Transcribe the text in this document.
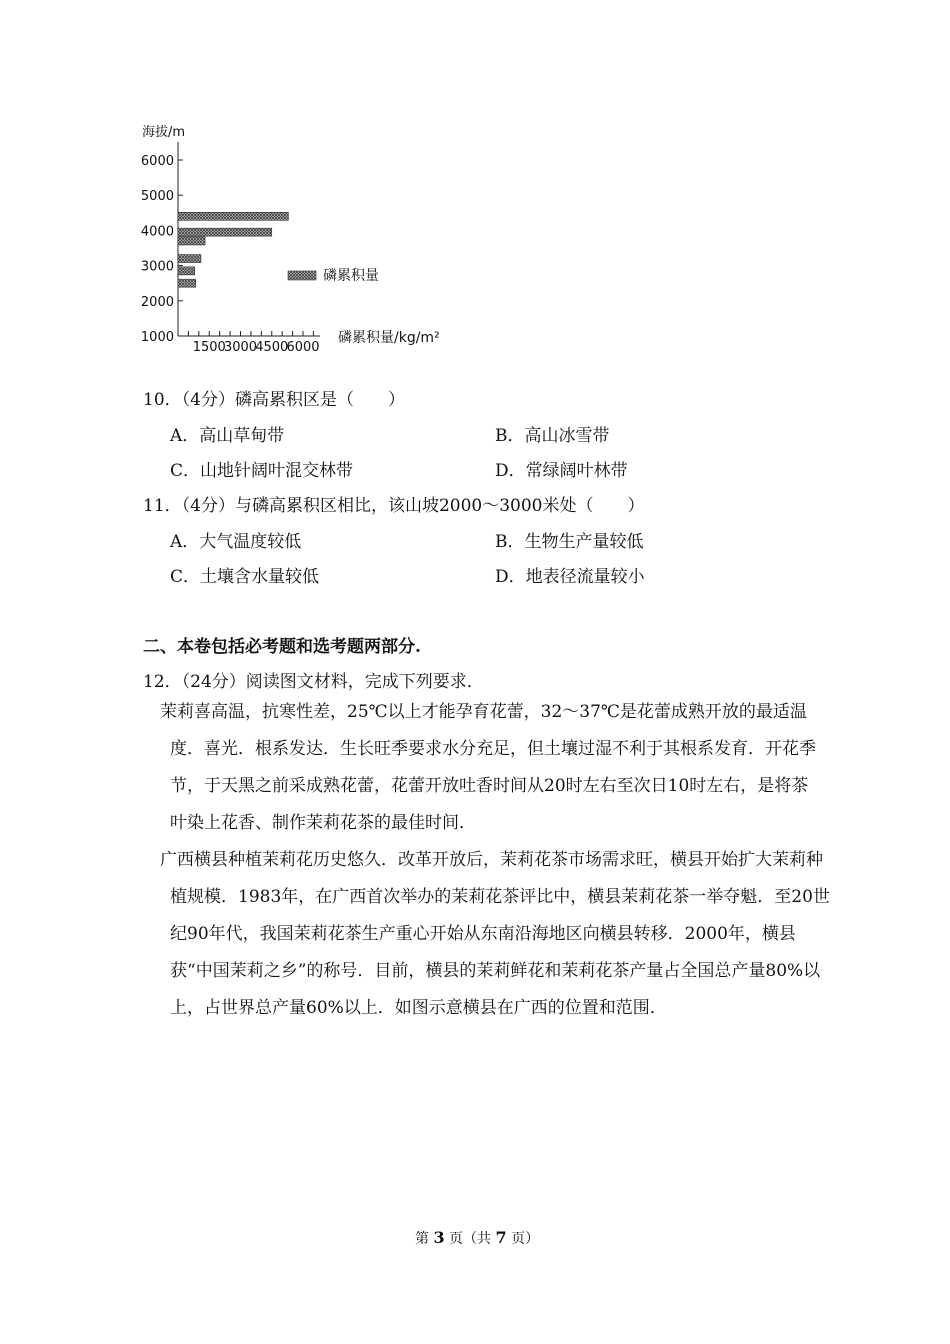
海拔/m
6000
5000
4000
3000
2000
1000
1500
3000
4500
6000
磷累积量
磷累积量/kg/m²
10．（4分）磷高累积区是（　　）
A．高山草甸带	B．高山冰雪带
C．山地针阔叶混交林带	D．常绿阔叶林带
11．（4分）与磷高累积区相比，该山坡2000～3000米处（　　）
A．大气温度较低	B．生物生产量较低
C．土壤含水量较低	D．地表径流量较小
二、本卷包括必考题和选考题两部分.
12．（24分）阅读图文材料，完成下列要求．
茉莉喜高温，抗寒性差，25℃以上才能孕育花蕾，32～37℃是花蕾成熟开放的最适温度．喜光．根系发达．生长旺季要求水分充足，但土壤过湿不利于其根系发育．开花季节，于天黑之前采成熟花蕾，花蕾开放吐香时间从20时左右至次日10时左右，是将茶叶染上花香、制作茉莉花茶的最佳时间．
广西横县种植茉莉花历史悠久．改革开放后，茉莉花茶市场需求旺，横县开始扩大茉莉种植规模．1983年，在广西首次举办的茉莉花茶评比中，横县茉莉花茶一举夺魁．至20世纪90年代，我国茉莉花茶生产重心开始从东南沿海地区向横县转移．2000年，横县获“中国茉莉之乡”的称号．目前，横县的茉莉鲜花和茉莉花茶产量占全国总产量80%以上，占世界总产量60%以上．如图示意横县在广西的位置和范围．
第 3 页（共 7 页）
